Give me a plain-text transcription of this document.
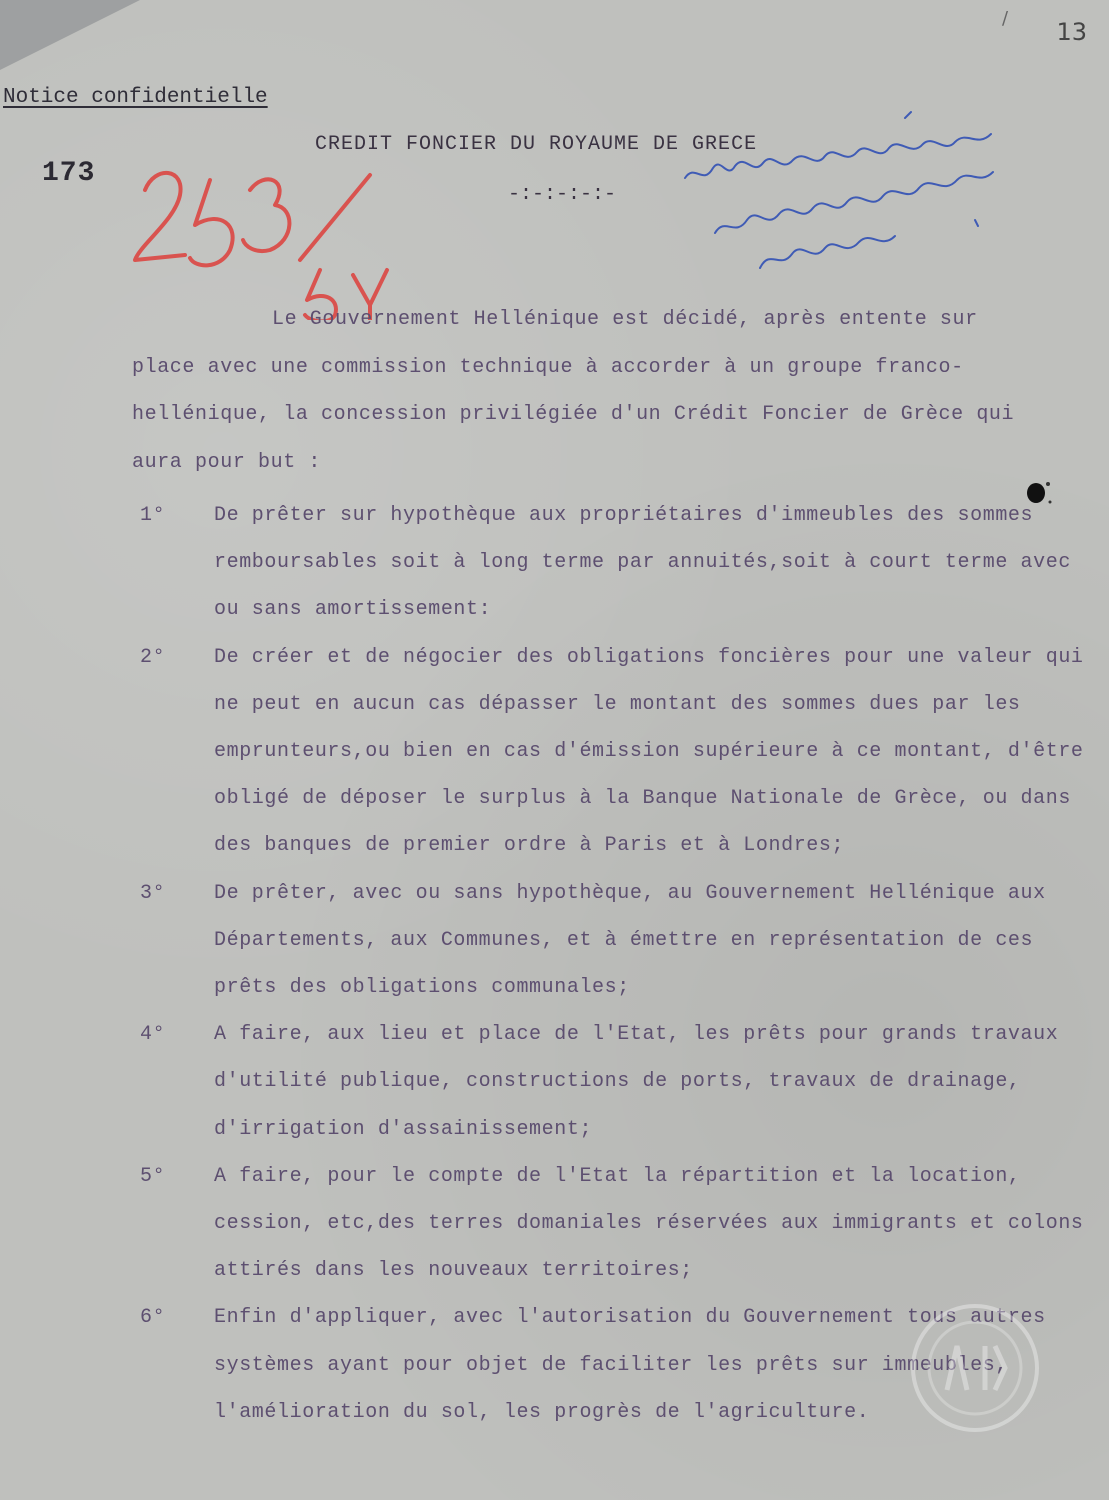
/ 13
Notice confidentielle
173
CREDIT FONCIER DU ROYAUME DE GRECE
-:-:-:-:-
253/5Y
Υπομνημα δ' Ιδ... Σχετικ... Κτηματ... Τράπεζ.

Le Gouvernement Hellénique est décidé, après entente sur place avec une commission technique à accorder à un groupe franco-hellénique, la concession privilégiée d'un Crédit Foncier de Grèce qui aura pour but :

1° De prêter sur hypothèque aux propriétaires d'immeubles des sommes remboursables soit à long terme par annuités,soit à court terme avec ou sans amortissement:
2° De créer et de négocier des obligations foncières pour une valeur qui ne peut en aucun cas dépasser le montant des sommes dues par les emprunteurs,ou bien en cas d'émission supérieure à ce montant, d'être obligé de déposer le surplus à la Banque Nationale de Grèce, ou dans des banques de premier ordre à Paris et à Londres;
3° De prêter, avec ou sans hypothèque, au Gouvernement Hellénique aux Départements, aux Communes, et à émettre en représentation de ces prêts des obligations communales;
4° A faire, aux lieu et place de l'Etat, les prêts pour grands travaux d'utilité publique, constructions de ports, travaux de drainage, d'irrigation d'assainissement;
5° A faire, pour le compte de l'Etat la répartition et la location, cession, etc,des terres domaniales réservées aux immigrants et colons attirés dans les nouveaux territoires;
6° Enfin d'appliquer, avec l'autorisation du Gouvernement tous autres systèmes ayant pour objet de faciliter les prêts sur immeubles, l'amélioration du sol, les progrès de l'agriculture.
